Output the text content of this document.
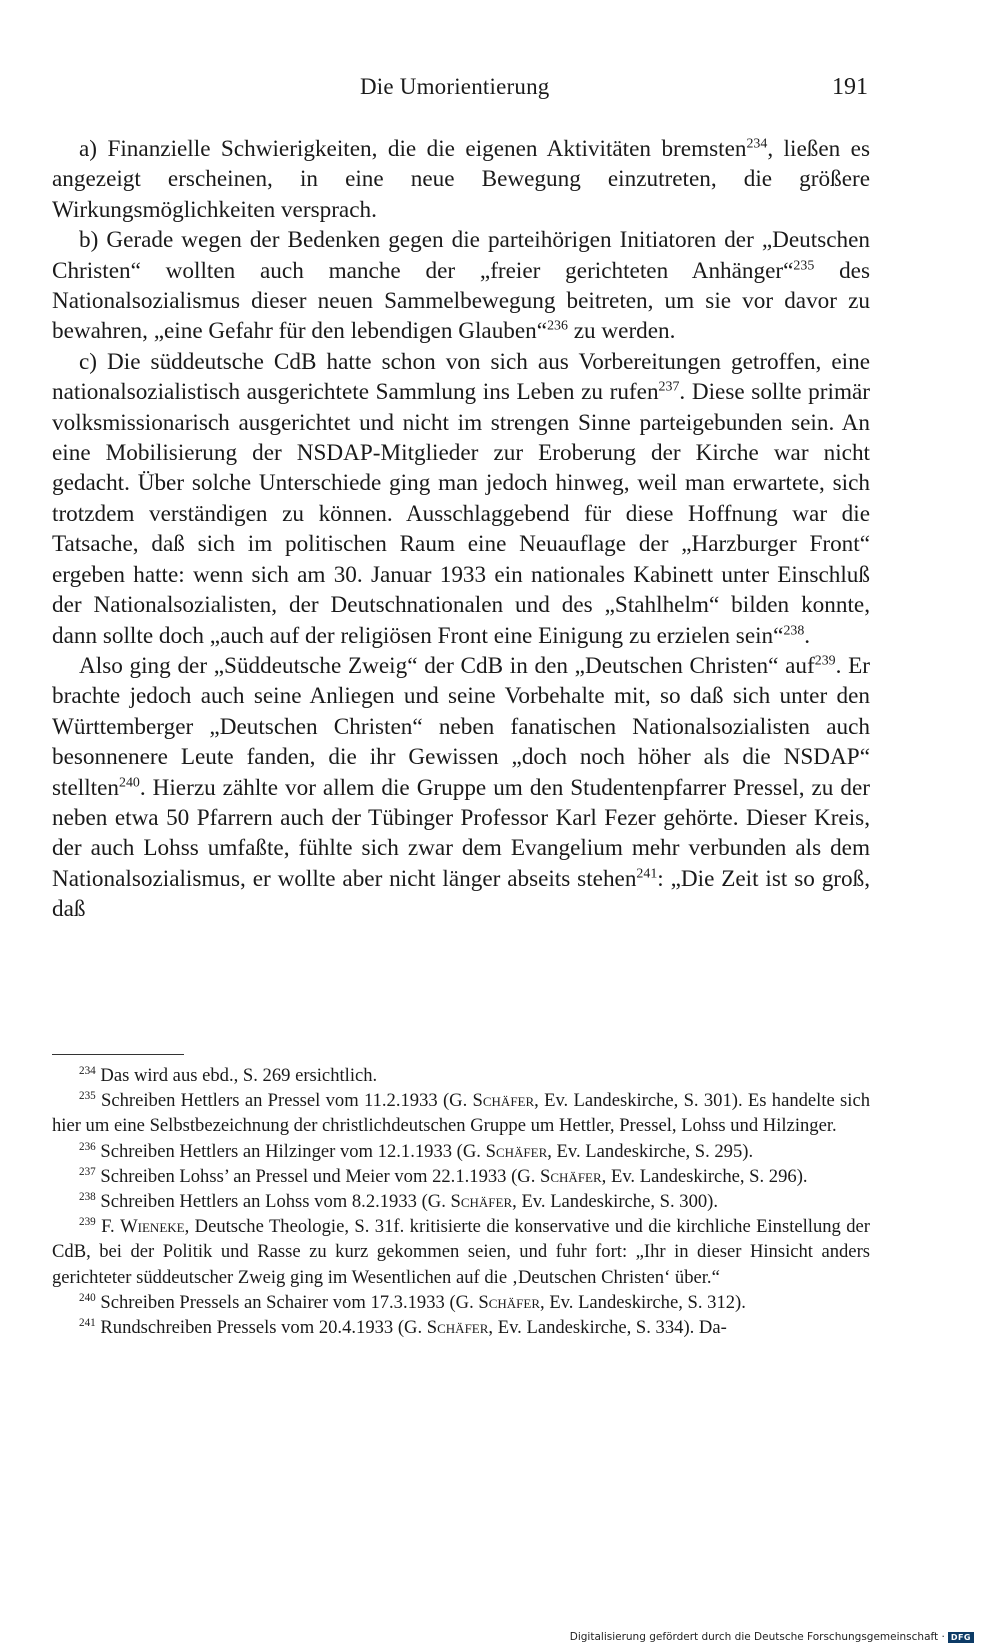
Die Umorientierung	191

a) Finanzielle Schwierigkeiten, die die eigenen Aktivitäten bremsten$^{234}$, ließen es angezeigt erscheinen, in eine neue Bewegung einzutreten, die größere Wirkungsmöglichkeiten versprach.

b) Gerade wegen der Bedenken gegen die parteihörigen Initiatoren der „Deutschen Christen“ wollten auch manche der „freier gerichteten Anhänger“$^{235}$ des Nationalsozialismus dieser neuen Sammelbewegung beitreten, um sie vor davor zu bewahren, „eine Gefahr für den lebendigen Glauben“$^{236}$ zu werden.

c) Die süddeutsche CdB hatte schon von sich aus Vorbereitungen getroffen, eine nationalsozialistisch ausgerichtete Sammlung ins Leben zu rufen$^{237}$. Diese sollte primär volksmissionarisch ausgerichtet und nicht im strengen Sinne parteigebunden sein. An eine Mobilisierung der NSDAP-Mitglieder zur Eroberung der Kirche war nicht gedacht. Über solche Unterschiede ging man jedoch hinweg, weil man erwartete, sich trotzdem verständigen zu können. Ausschlaggebend für diese Hoffnung war die Tatsache, daß sich im politischen Raum eine Neuauflage der „Harzburger Front“ ergeben hatte: wenn sich am 30. Januar 1933 ein nationales Kabinett unter Einschluß der Nationalsozialisten, der Deutschnationalen und des „Stahlhelm“ bilden konnte, dann sollte doch „auch auf der religiösen Front eine Einigung zu erzielen sein“$^{238}$.

Also ging der „Süddeutsche Zweig“ der CdB in den „Deutschen Christen“ auf$^{239}$. Er brachte jedoch auch seine Anliegen und seine Vorbehalte mit, so daß sich unter den Württemberger „Deutschen Christen“ neben fanatischen Nationalsozialisten auch besonnenere Leute fanden, die ihr Gewissen „doch noch höher als die NSDAP“ stellten$^{240}$. Hierzu zählte vor allem die Gruppe um den Studentenpfarrer Pressel, zu der neben etwa 50 Pfarrern auch der Tübinger Professor Karl Fezer gehörte. Dieser Kreis, der auch Lohss umfaßte, fühlte sich zwar dem Evangelium mehr verbunden als dem Nationalsozialismus, er wollte aber nicht länger abseits stehen$^{241}$: „Die Zeit ist so groß, daß

$^{234}$ Das wird aus ebd., S. 269 ersichtlich.

$^{235}$ Schreiben Hettlers an Pressel vom 11.2.1933 (G. Schäfer, Ev. Landeskirche, S. 301). Es handelte sich hier um eine Selbstbezeichnung der christlichdeutschen Gruppe um Hettler, Pressel, Lohss und Hilzinger.

$^{236}$ Schreiben Hettlers an Hilzinger vom 12.1.1933 (G. Schäfer, Ev. Landeskirche, S. 295).

$^{237}$ Schreiben Lohss’ an Pressel und Meier vom 22.1.1933 (G. Schäfer, Ev. Landeskirche, S. 296).

$^{238}$ Schreiben Hettlers an Lohss vom 8.2.1933 (G. Schäfer, Ev. Landeskirche, S. 300).

$^{239}$ F. Wieneke, Deutsche Theologie, S. 31f. kritisierte die konservative und die kirchliche Einstellung der CdB, bei der Politik und Rasse zu kurz gekommen seien, und fuhr fort: „Ihr in dieser Hinsicht anders gerichteter süddeutscher Zweig ging im Wesentlichen auf die ‚Deutschen Christen‘ über.“

$^{240}$ Schreiben Pressels an Schairer vom 17.3.1933 (G. Schäfer, Ev. Landeskirche, S. 312).

$^{241}$ Rundschreiben Pressels vom 20.4.1933 (G. Schäfer, Ev. Landeskirche, S. 334). Da-

Digitalisierung gefördert durch die Deutsche Forschungsgemeinschaft · DFG
